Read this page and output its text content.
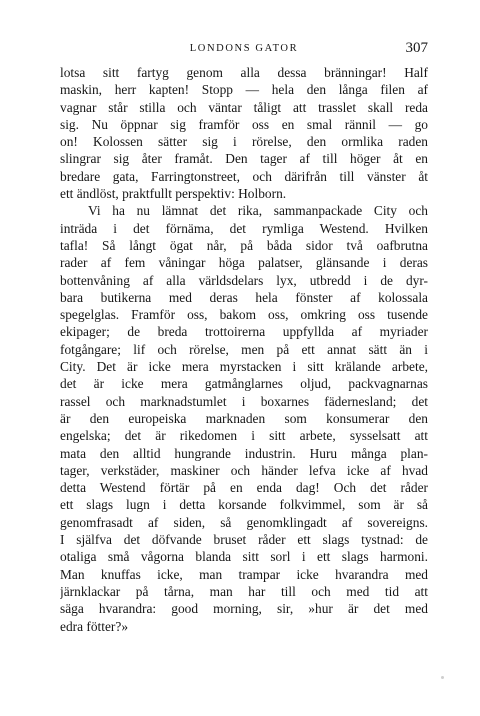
LONDONS GATOR	307
lotsa sitt fartyg genom alla dessa bränningar! Half
maskin, herr kapten! Stopp — hela den långa filen af
vagnar står stilla och väntar tåligt att trasslet skall reda
sig. Nu öppnar sig framför oss en smal rännil — go
on! Kolossen sätter sig i rörelse, den ormlika raden
slingrar sig åter framåt. Den tager af till höger åt en
bredare gata, Farringtonstreet, och därifrån till vänster åt
ett ändlöst, praktfullt perspektiv: Holborn.
Vi ha nu lämnat det rika, sammanpackade City och
inträda i det förnäma, det rymliga Westend. Hvilken
tafla! Så långt ögat når, på båda sidor två oafbrutna
rader af fem våningar höga palatser, glänsande i deras
bottenvåning af alla världsdelars lyx, utbredd i de dyr-
bara butikerna med deras hela fönster af kolossala
spegelglas. Framför oss, bakom oss, omkring oss tusende
ekipager; de breda trottoirerna uppfyllda af myriader
fotgångare; lif och rörelse, men på ett annat sätt än i
City. Det är icke mera myrstacken i sitt krälande arbete,
det är icke mera gatmånglarnes oljud, packvagnarnas
rassel och marknadstumlet i boxarnes fädernesland; det
är den europeiska marknaden som konsumerar den
engelska; det är rikedomen i sitt arbete, sysselsatt att
mata den alltid hungrande industrin. Huru många plan-
tager, verkstäder, maskiner och händer lefva icke af hvad
detta Westend förtär på en enda dag! Och det råder
ett slags lugn i detta korsande folkvimmel, som är så
genomfrasadt af siden, så genomklingadt af sovereigns.
I själfva det döfvande bruset råder ett slags tystnad: de
otaliga små vågorna blanda sitt sorl i ett slags harmoni.
Man knuffas icke, man trampar icke hvarandra med
järnklackar på tårna, man har till och med tid att
säga hvarandra: good morning, sir, »hur är det med
edra fötter?»
